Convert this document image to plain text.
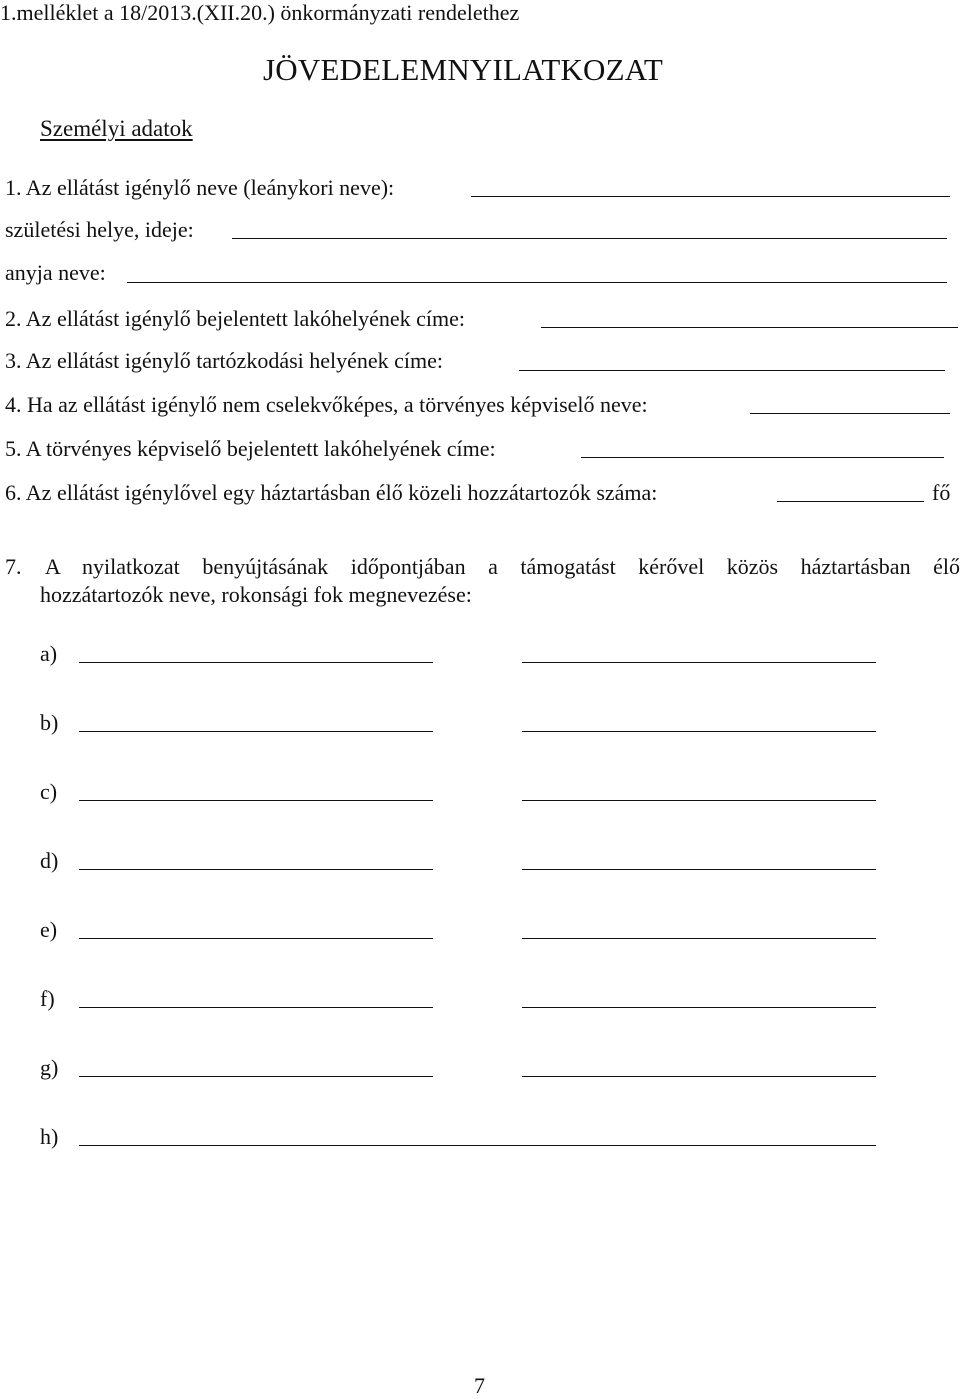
1.melléklet a 18/2013.(XII.20.) önkormányzati rendelethez
JÖVEDELEMNYILATKOZAT
Személyi adatok
1. Az ellátást igénylő neve (leánykori neve):
születési helye, ideje:
anyja neve:
2. Az ellátást igénylő bejelentett lakóhelyének címe:
3. Az ellátást igénylő tartózkodási helyének címe:
4. Ha az ellátást igénylő nem cselekvőképes, a törvényes képviselő neve:
5. A törvényes képviselő bejelentett lakóhelyének címe:
6. Az ellátást igénylővel egy háztartásban élő közeli hozzátartozók száma:	fő
7. A nyilatkozat benyújtásának időpontjában a támogatást kérővel közös háztartásban élő
hozzátartozók neve, rokonsági fok megnevezése:
a)
b)
c)
d)
e)
f)
g)
h)
7
